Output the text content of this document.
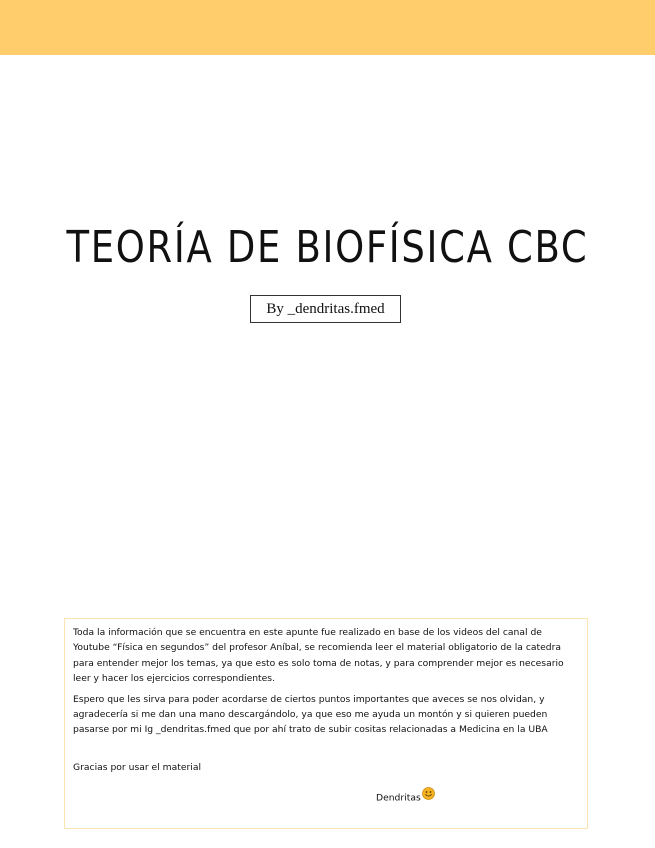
TEORÍA DE BIOFÍSICA CBC
By _dendritas.fmed

Toda la información que se encuentra en este apunte fue realizado en base de los videos del canal de Youtube “Física en segundos” del profesor Aníbal, se recomienda leer el material obligatorio de la catedra para entender mejor los temas, ya que esto es solo toma de notas, y para comprender mejor es necesario leer y hacer los ejercicios correspondientes.

Espero que les sirva para poder acordarse de ciertos puntos importantes que aveces se nos olvidan, y agradecería si me dan una mano descargándolo, ya que eso me ayuda un montón y si quieren pueden pasarse por mi Ig _dendritas.fmed que por ahí trato de subir cositas relacionadas a Medicina en la UBA

Gracias por usar el material

Dendritas
